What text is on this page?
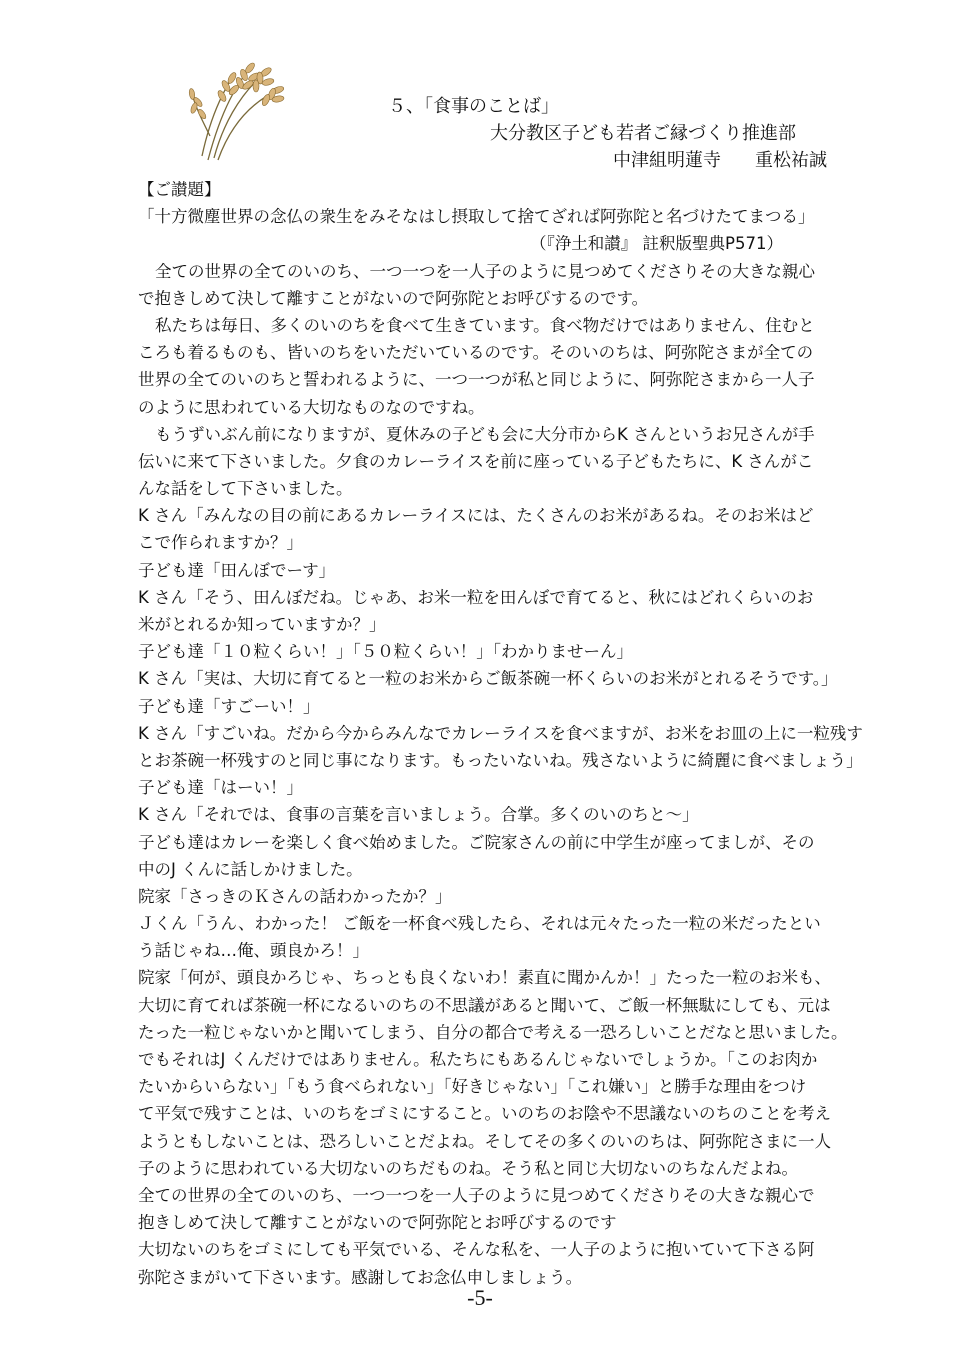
５、「食事のことば」
大分教区子ども若者ご縁づくり推進部
中津組明蓮寺 重松祐誠
【ご讃題】
「十方微塵世界の念仏の衆生をみそなはし摂取して捨てざれば阿弥陀と名づけたてまつる」
（『浄土和讃』 註釈版聖典P571）
全ての世界の全てのいのち、一つ一つを一人子のように見つめてくださりその大きな親心
で抱きしめて決して離すことがないので阿弥陀とお呼びするのです。
私たちは毎日、多くのいのちを食べて生きています。食べ物だけではありません、住むと
ころも着るものも、皆いのちをいただいているのです。そのいのちは、阿弥陀さまが全ての
世界の全てのいのちと誓われるように、一つ一つが私と同じように、阿弥陀さまから一人子
のように思われている大切なものなのですね。
もうずいぶん前になりますが、夏休みの子ども会に大分市からK さんというお兄さんが手
伝いに来て下さいました。夕食のカレーライスを前に座っている子どもたちに、K さんがこ
んな話をして下さいました。
K さん「みんなの目の前にあるカレーライスには、たくさんのお米があるね。そのお米はど
こで作られますか？」
子ども達「田んぼでーす」
K さん「そう、田んぼだね。じゃあ、お米一粒を田んぼで育てると、秋にはどれくらいのお
米がとれるか知っていますか？」
子ども達「１０粒くらい！」「５０粒くらい！」「わかりませーん」
K さん「実は、大切に育てると一粒のお米からご飯茶碗一杯くらいのお米がとれるそうです。」
子ども達「すごーい！」
K さん「すごいね。だから今からみんなでカレーライスを食べますが、お米をお皿の上に一粒残す
とお茶碗一杯残すのと同じ事になります。もったいないね。残さないように綺麗に食べましょう」
子ども達「はーい！」
K さん「それでは、食事の言葉を言いましょう。合掌。多くのいのちと～」
子ども達はカレーを楽しく食べ始めました。ご院家さんの前に中学生が座ってましが、その
中のJ くんに話しかけました。
院家「さっきのＫさんの話わかったか？」
Ｊくん「うん、わかった！ ご飯を一杯食べ残したら、それは元々たった一粒の米だったとい
う話じゃね…俺、頭良かろ！」
院家「何が、頭良かろじゃ、ちっとも良くないわ！素直に聞かんか！」たった一粒のお米も、
大切に育てれば茶碗一杯になるいのちの不思議があると聞いて、ご飯一杯無駄にしても、元は
たった一粒じゃないかと聞いてしまう、自分の都合で考える一恐ろしいことだなと思いました。
でもそれはJ くんだけではありません。私たちにもあるんじゃないでしょうか。「このお肉か
たいからいらない」「もう食べられない」「好きじゃない」「これ嫌い」と勝手な理由をつけ
て平気で残すことは、いのちをゴミにすること。いのちのお陰や不思議ないのちのことを考え
ようともしないことは、恐ろしいことだよね。そしてその多くのいのちは、阿弥陀さまに一人
子のように思われている大切ないのちだものね。そう私と同じ大切ないのちなんだよね。
全ての世界の全てのいのち、一つ一つを一人子のように見つめてくださりその大きな親心で
抱きしめて決して離すことがないので阿弥陀とお呼びするのです
大切ないのちをゴミにしても平気でいる、そんな私を、一人子のように抱いていて下さる阿
弥陀さまがいて下さいます。感謝してお念仏申しましょう。
-5-
